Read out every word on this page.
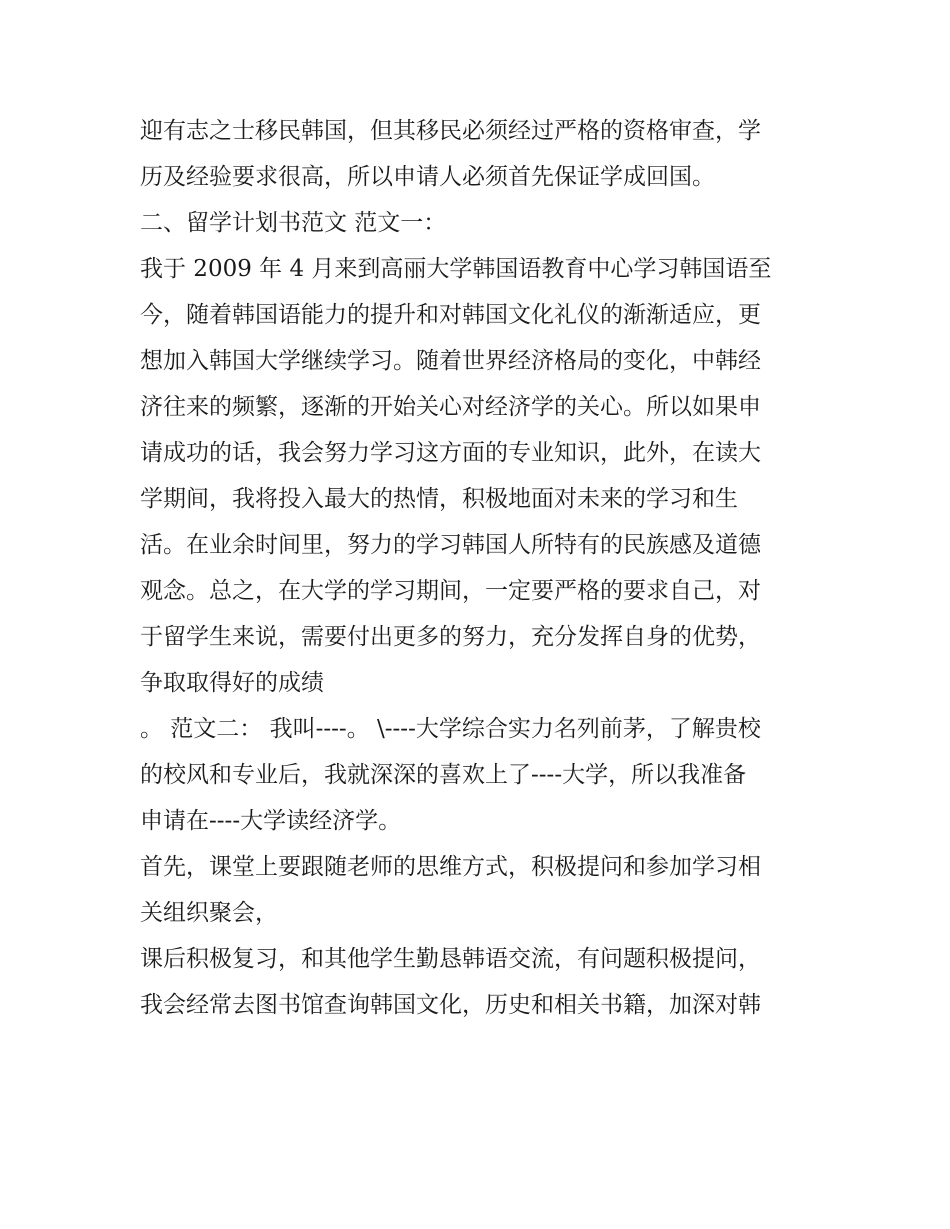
迎有志之士移民韩国，但其移民必须经过严格的资格审查，学
历及经验要求很高，所以申请人必须首先保证学成回国。
二、留学计划书范文 范文一：
我于 2009 年 4 月来到高丽大学韩国语教育中心学习韩国语至
今，随着韩国语能力的提升和对韩国文化礼仪的渐渐适应，更
想加入韩国大学继续学习。随着世界经济格局的变化，中韩经
济往来的频繁，逐渐的开始关心对经济学的关心。所以如果申
请成功的话，我会努力学习这方面的专业知识，此外，在读大
学期间，我将投入最大的热情，积极地面对未来的学习和生
活。在业余时间里，努力的学习韩国人所特有的民族感及道德
观念。总之，在大学的学习期间，一定要严格的要求自己，对
于留学生来说，需要付出更多的努力，充分发挥自身的优势，
争取取得好的成绩
。 范文二： 我叫----。 \----大学综合实力名列前茅，了解贵校
的校风和专业后，我就深深的喜欢上了----大学，所以我准备
申请在----大学读经济学。
首先，课堂上要跟随老师的思维方式，积极提问和参加学习相
关组织聚会，
课后积极复习，和其他学生勤恳韩语交流，有问题积极提问，
我会经常去图书馆查询韩国文化，历史和相关书籍，加深对韩
